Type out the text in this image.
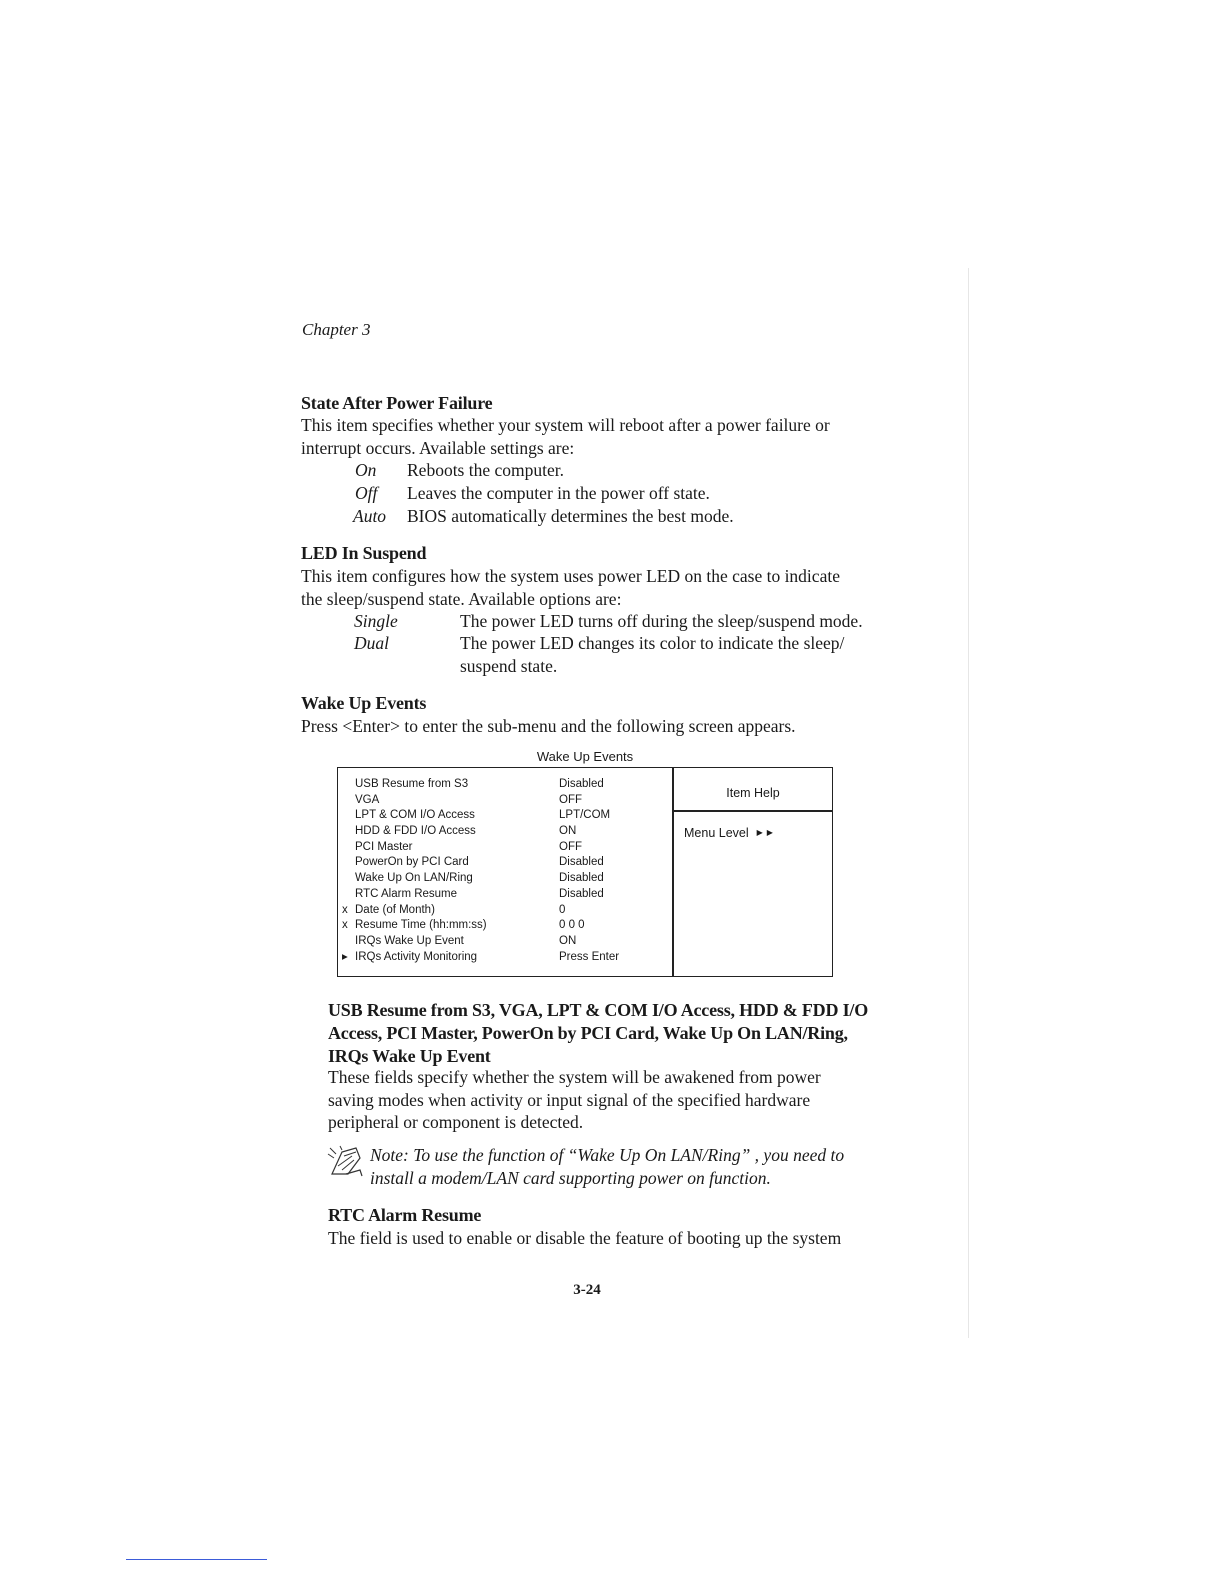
Chapter 3
State After Power Failure
This item specifies whether your system will reboot after a power failure or
interrupt occurs. Available settings are:
On Reboots the computer.
Off Leaves the computer in the power off state.
Auto BIOS automatically determines the best mode.
LED In Suspend
This item configures how the system uses power LED on the case to indicate
the sleep/suspend state. Available options are:
Single	The power LED turns off during the sleep/suspend mode.
Dual	The power LED changes its color to indicate the sleep/
suspend state.
Wake Up Events
Press <Enter> to enter the sub-menu and the following screen appears.
Wake Up Events
Item Help
Menu Level ▶▶
USB Resume from S3	Disabled
VGA	OFF
LPT & COM I/O Access	LPT/COM
HDD & FDD I/O Access	ON
PCI Master	OFF
PowerOn by PCI Card	Disabled
Wake Up On LAN/Ring	Disabled
RTC Alarm Resume	Disabled
x Date (of Month)	0
x Resume Time (hh:mm:ss)	0 0 0
IRQs Wake Up Event	ON
▸ IRQs Activity Monitoring	Press Enter
USB Resume from S3, VGA, LPT & COM I/O Access, HDD & FDD I/O
Access, PCI Master, PowerOn by PCI Card, Wake Up On LAN/Ring,
IRQs Wake Up Event
These fields specify whether the system will be awakened from power
saving modes when activity or input signal of the specified hardware
peripheral or component is detected.
Note: To use the function of “Wake Up On LAN/Ring” , you need to
install a modem/LAN card supporting power on function.
RTC Alarm Resume
The field is used to enable or disable the feature of booting up the system
3-24
